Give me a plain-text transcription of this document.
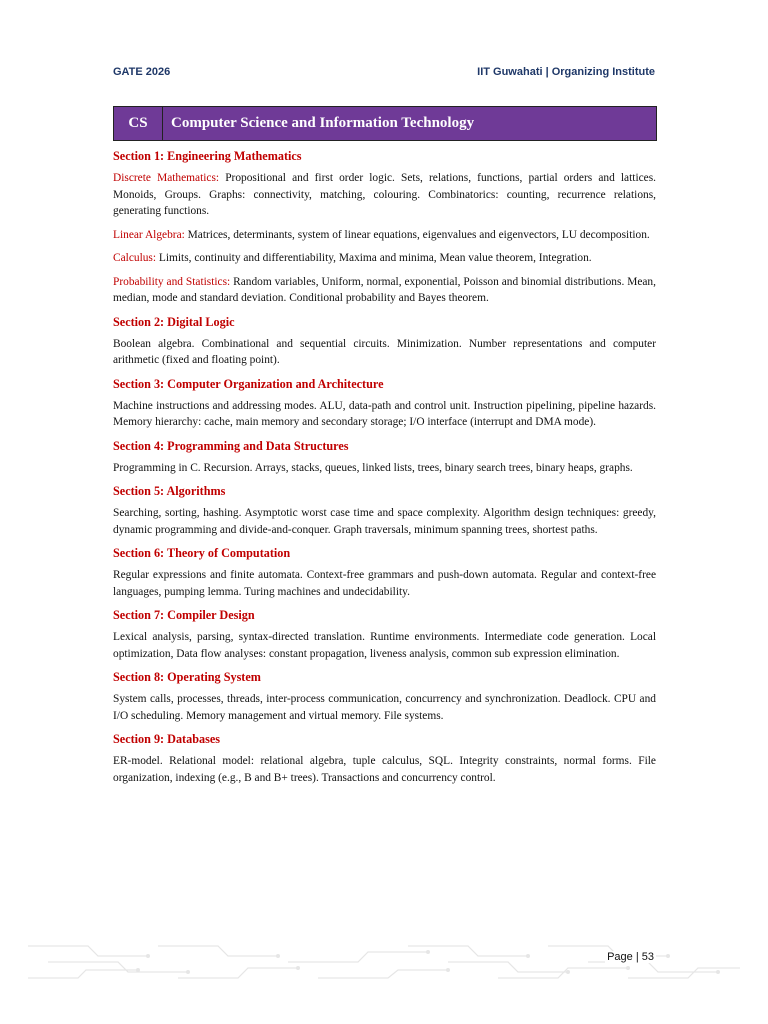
GATE 2026	IIT Guwahati | Organizing Institute
CS	Computer Science and Information Technology
Section 1: Engineering Mathematics

Discrete Mathematics: Propositional and first order logic. Sets, relations, functions, partial orders and lattices. Monoids, Groups. Graphs: connectivity, matching, colouring. Combinatorics: counting, recurrence relations, generating functions.

Linear Algebra: Matrices, determinants, system of linear equations, eigenvalues and eigenvectors, LU decomposition.

Calculus: Limits, continuity and differentiability, Maxima and minima, Mean value theorem, Integration.

Probability and Statistics: Random variables, Uniform, normal, exponential, Poisson and binomial distributions. Mean, median, mode and standard deviation. Conditional probability and Bayes theorem.

Section 2: Digital Logic

Boolean algebra. Combinational and sequential circuits. Minimization. Number representations and computer arithmetic (fixed and floating point).

Section 3: Computer Organization and Architecture

Machine instructions and addressing modes. ALU, data-path and control unit. Instruction pipelining, pipeline hazards. Memory hierarchy: cache, main memory and secondary storage; I/O interface (interrupt and DMA mode).

Section 4: Programming and Data Structures

Programming in C. Recursion. Arrays, stacks, queues, linked lists, trees, binary search trees, binary heaps, graphs.

Section 5: Algorithms

Searching, sorting, hashing. Asymptotic worst case time and space complexity. Algorithm design techniques: greedy, dynamic programming and divide-and-conquer. Graph traversals, minimum spanning trees, shortest paths.

Section 6: Theory of Computation

Regular expressions and finite automata. Context-free grammars and push-down automata. Regular and context-free languages, pumping lemma. Turing machines and undecidability.

Section 7: Compiler Design

Lexical analysis, parsing, syntax-directed translation. Runtime environments. Intermediate code generation. Local optimization, Data flow analyses: constant propagation, liveness analysis, common sub expression elimination.

Section 8: Operating System

System calls, processes, threads, inter-process communication, concurrency and synchronization. Deadlock. CPU and I/O scheduling. Memory management and virtual memory. File systems.

Section 9: Databases

ER-model. Relational model: relational algebra, tuple calculus, SQL. Integrity constraints, normal forms. File organization, indexing (e.g., B and B+ trees). Transactions and concurrency control.

Page | 53
